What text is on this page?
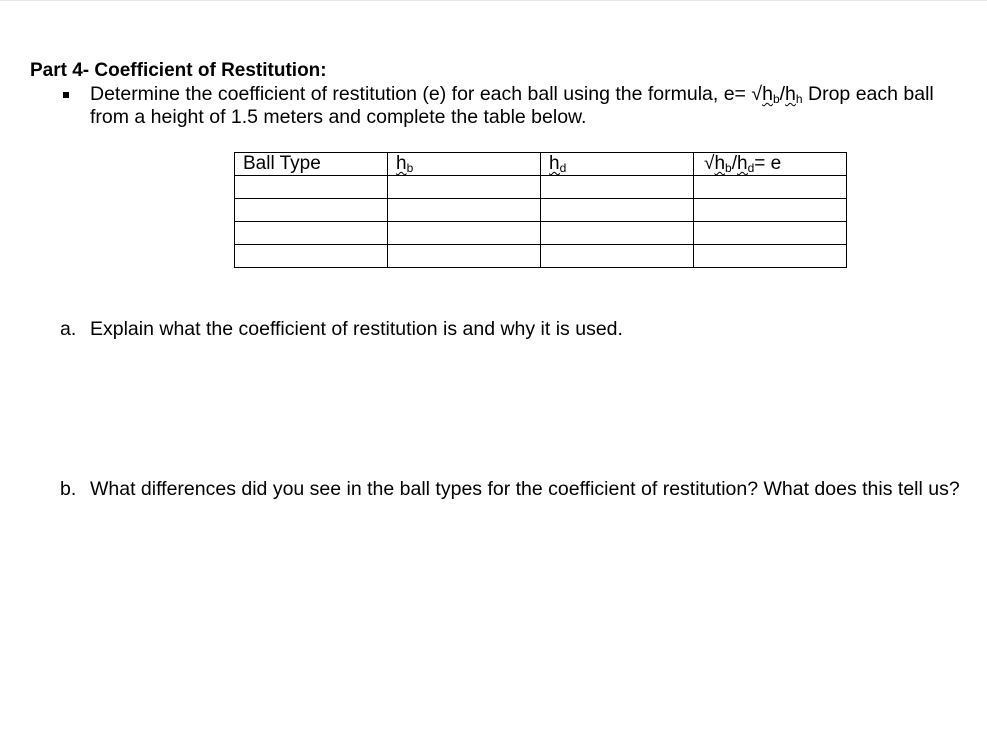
Part 4- Coefficient of Restitution:
Determine the coefficient of restitution (e) for each ball using the formula, $e= √h_b/h_h$ Drop each ball from a height of 1.5 meters and complete the table below.
Ball Type	$h_b$	$h_d$	$√h_b/h_d= e$

a. Explain what the coefficient of restitution is and why it is used.
b. What differences did you see in the ball types for the coefficient of restitution? What does this tell us?
